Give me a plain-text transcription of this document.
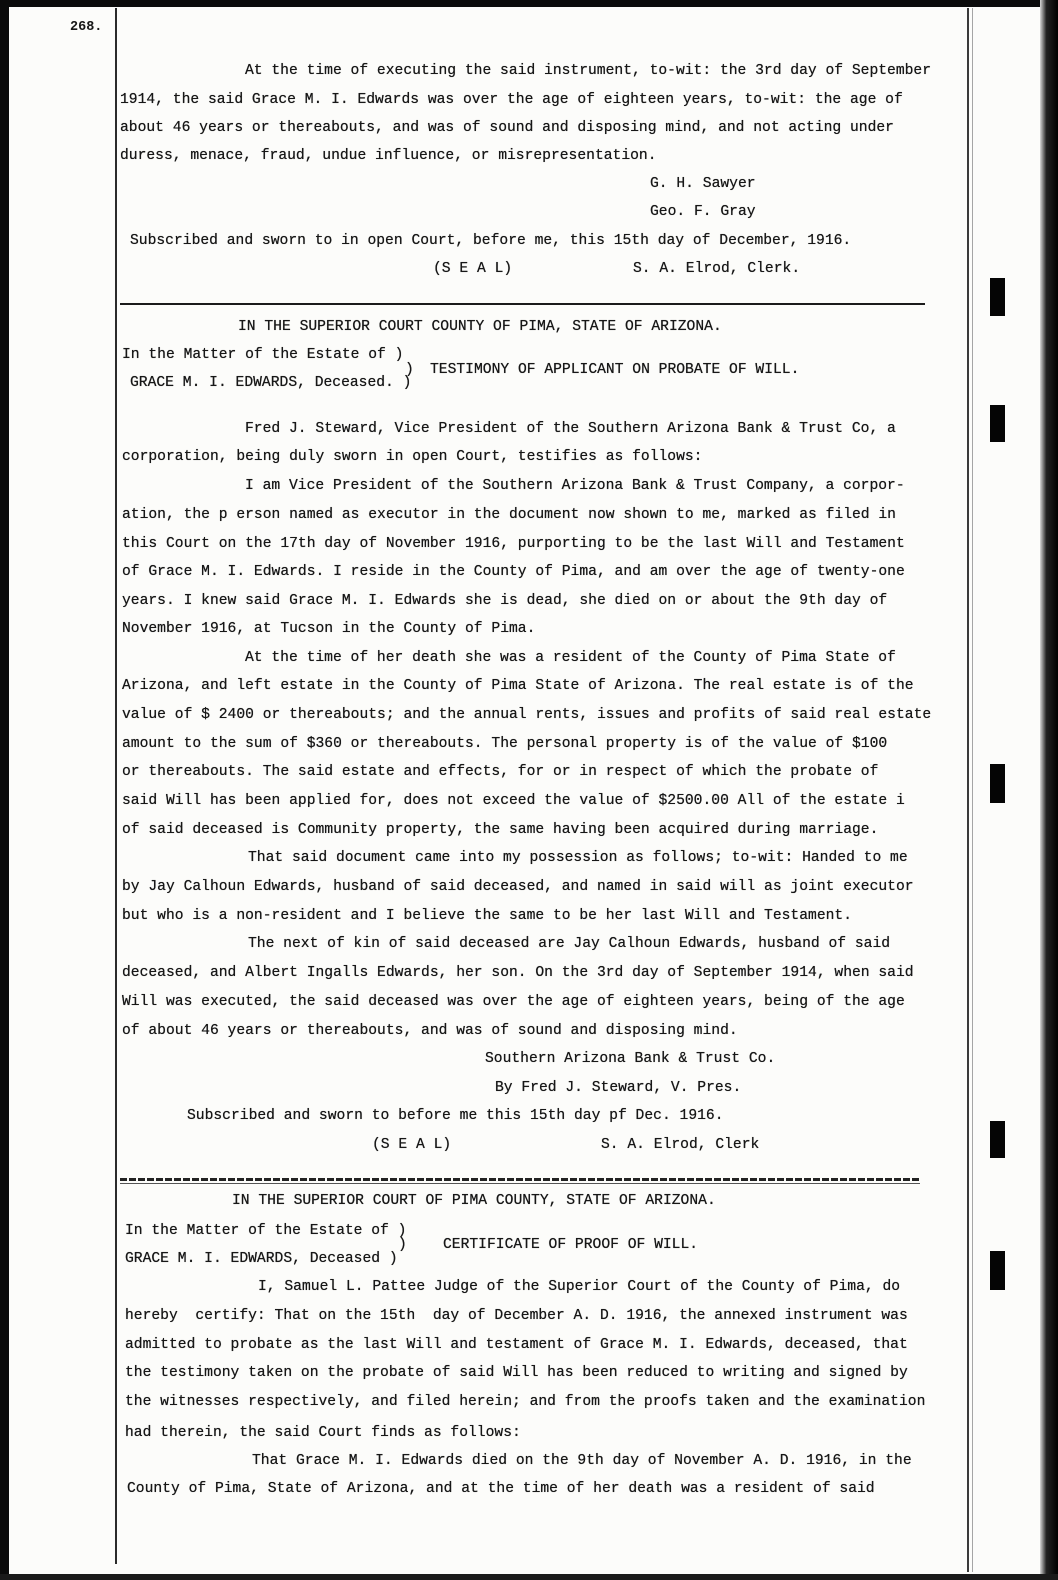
268.
At the time of executing the said instrument, to-wit: the 3rd day of September
1914, the said Grace M. I. Edwards was over the age of eighteen years, to-wit: the age of
about 46 years or thereabouts, and was of sound and disposing mind, and not acting under
duress, menace, fraud, undue influence, or misrepresentation.
G. H. Sawyer
Geo. F. Gray
Subscribed and sworn to in open Court, before me, this 15th day of December, 1916.
(S E A L)	S. A. Elrod, Clerk.
IN THE SUPERIOR COURT COUNTY OF PIMA, STATE OF ARIZONA.
In the Matter of the Estate of )
) TESTIMONY OF APPLICANT ON PROBATE OF WILL.
GRACE M. I. EDWARDS, Deceased. )
Fred J. Steward, Vice President of the Southern Arizona Bank & Trust Co, a
corporation, being duly sworn in open Court, testifies as follows:
I am Vice President of the Southern Arizona Bank & Trust Company, a corpor-
ation, the p erson named as executor in the document now shown to me, marked as filed in
this Court on the 17th day of November 1916, purporting to be the last Will and Testament
of Grace M. I. Edwards. I reside in the County of Pima, and am over the age of twenty-one
years. I knew said Grace M. I. Edwards she is dead, she died on or about the 9th day of
November 1916, at Tucson in the County of Pima.
At the time of her death she was a resident of the County of Pima State of
Arizona, and left estate in the County of Pima State of Arizona. The real estate is of the
value of $ 2400 or thereabouts; and the annual rents, issues and profits of said real estate
amount to the sum of $360 or thereabouts. The personal property is of the value of $100
or thereabouts. The said estate and effects, for or in respect of which the probate of
said Will has been applied for, does not exceed the value of $2500.00 All of the estate i
of said deceased is Community property, the same having been acquired during marriage.
That said document came into my possession as follows; to-wit: Handed to me
by Jay Calhoun Edwards, husband of said deceased, and named in said will as joint executor
but who is a non-resident and I believe the same to be her last Will and Testament.
The next of kin of said deceased are Jay Calhoun Edwards, husband of said
deceased, and Albert Ingalls Edwards, her son. On the 3rd day of September 1914, when said
Will was executed, the said deceased was over the age of eighteen years, being of the age
of about 46 years or thereabouts, and was of sound and disposing mind.
Southern Arizona Bank & Trust Co.
By Fred J. Steward, V. Pres.
Subscribed and sworn to before me this 15th day pf Dec. 1916.
(S E A L)	S. A. Elrod, Clerk
IN THE SUPERIOR COURT OF PIMA COUNTY, STATE OF ARIZONA.
In the Matter of the Estate of )
) CERTIFICATE OF PROOF OF WILL.
GRACE M. I. EDWARDS, Deceased )
I, Samuel L. Pattee Judge of the Superior Court of the County of Pima, do
hereby  certify: That on the 15th  day of December A. D. 1916, the annexed instrument was
admitted to probate as the last Will and testament of Grace M. I. Edwards, deceased, that
the testimony taken on the probate of said Will has been reduced to writing and signed by
the witnesses respectively, and filed herein; and from the proofs taken and the examination
had therein, the said Court finds as follows:
That Grace M. I. Edwards died on the 9th day of November A. D. 1916, in the
County of Pima, State of Arizona, and at the time of her death was a resident of said
